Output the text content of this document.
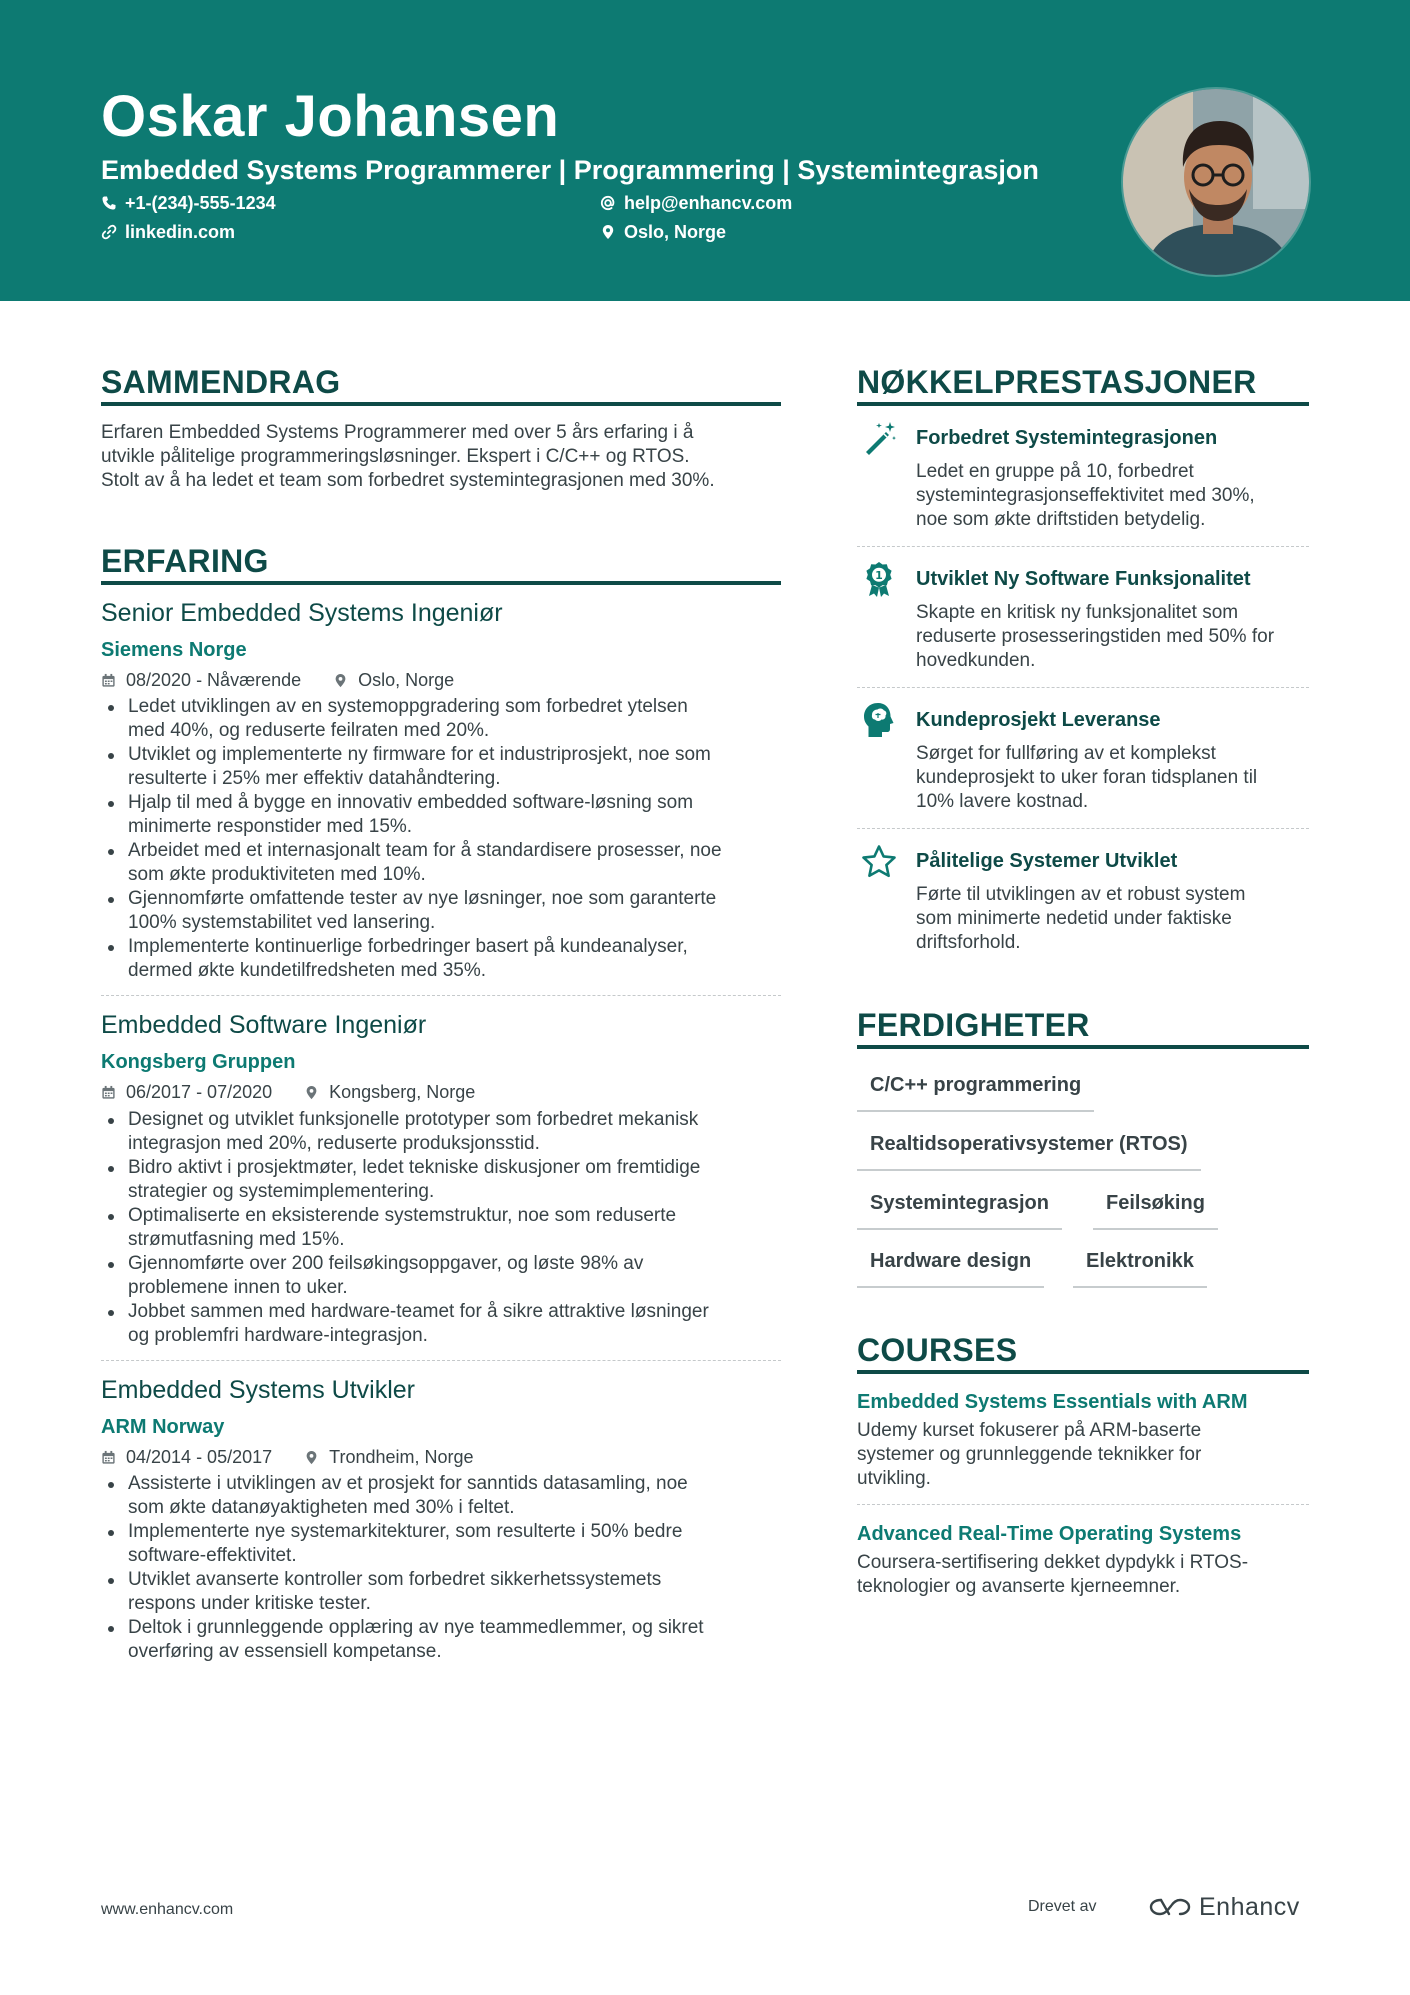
Oskar Johansen
Embedded Systems Programmerer | Programmering | Systemintegrasjon
+1-(234)-555-1234	help@enhancv.com
linkedin.com	Oslo, Norge
SAMMENDRAG
Erfaren Embedded Systems Programmerer med over 5 års erfaring i å
utvikle pålitelige programmeringsløsninger. Ekspert i C/C++ og RTOS.
Stolt av å ha ledet et team som forbedret systemintegrasjonen med 30%.
ERFARING
Senior Embedded Systems Ingeniør
Siemens Norge
08/2020 - Nåværende	Oslo, Norge
Ledet utviklingen av en systemoppgradering som forbedret ytelsen
med 40%, og reduserte feilraten med 20%.
Utviklet og implementerte ny firmware for et industriprosjekt, noe som
resulterte i 25% mer effektiv datahåndtering.
Hjalp til med å bygge en innovativ embedded software-løsning som
minimerte responstider med 15%.
Arbeidet med et internasjonalt team for å standardisere prosesser, noe
som økte produktiviteten med 10%.
Gjennomførte omfattende tester av nye løsninger, noe som garanterte
100% systemstabilitet ved lansering.
Implementerte kontinuerlige forbedringer basert på kundeanalyser,
dermed økte kundetilfredsheten med 35%.
Embedded Software Ingeniør
Kongsberg Gruppen
06/2017 - 07/2020	Kongsberg, Norge
Designet og utviklet funksjonelle prototyper som forbedret mekanisk
integrasjon med 20%, reduserte produksjonsstid.
Bidro aktivt i prosjektmøter, ledet tekniske diskusjoner om fremtidige
strategier og systemimplementering.
Optimaliserte en eksisterende systemstruktur, noe som reduserte
strømutfasning med 15%.
Gjennomførte over 200 feilsøkingsoppgaver, og løste 98% av
problemene innen to uker.
Jobbet sammen med hardware-teamet for å sikre attraktive løsninger
og problemfri hardware-integrasjon.
Embedded Systems Utvikler
ARM Norway
04/2014 - 05/2017	Trondheim, Norge
Assisterte i utviklingen av et prosjekt for sanntids datasamling, noe
som økte datanøyaktigheten med 30% i feltet.
Implementerte nye systemarkitekturer, som resulterte i 50% bedre
software-effektivitet.
Utviklet avanserte kontroller som forbedret sikkerhetssystemets
respons under kritiske tester.
Deltok i grunnleggende opplæring av nye teammedlemmer, og sikret
overføring av essensiell kompetanse.
NØKKELPRESTASJONER
Forbedret Systemintegrasjonen
Ledet en gruppe på 10, forbedret
systemintegrasjonseffektivitet med 30%,
noe som økte driftstiden betydelig.
1 Utviklet Ny Software Funksjonalitet
Skapte en kritisk ny funksjonalitet som
reduserte prosesseringstiden med 50% for
hovedkunden.
Kundeprosjekt Leveranse
Sørget for fullføring av et komplekst
kundeprosjekt to uker foran tidsplanen til
10% lavere kostnad.
Pålitelige Systemer Utviklet
Førte til utviklingen av et robust system
som minimerte nedetid under faktiske
driftsforhold.
FERDIGHETER
C/C++ programmering
Realtidsoperativsystemer (RTOS)
Systemintegrasjon	Feilsøking
Hardware design	Elektronikk
COURSES
Embedded Systems Essentials with ARM
Udemy kurset fokuserer på ARM-baserte
systemer og grunnleggende teknikker for
utvikling.
Advanced Real-Time Operating Systems
Coursera-sertifisering dekket dypdykk i RTOS-
teknologier og avanserte kjerneemner.
www.enhancv.com	Drevet av	Enhancv
